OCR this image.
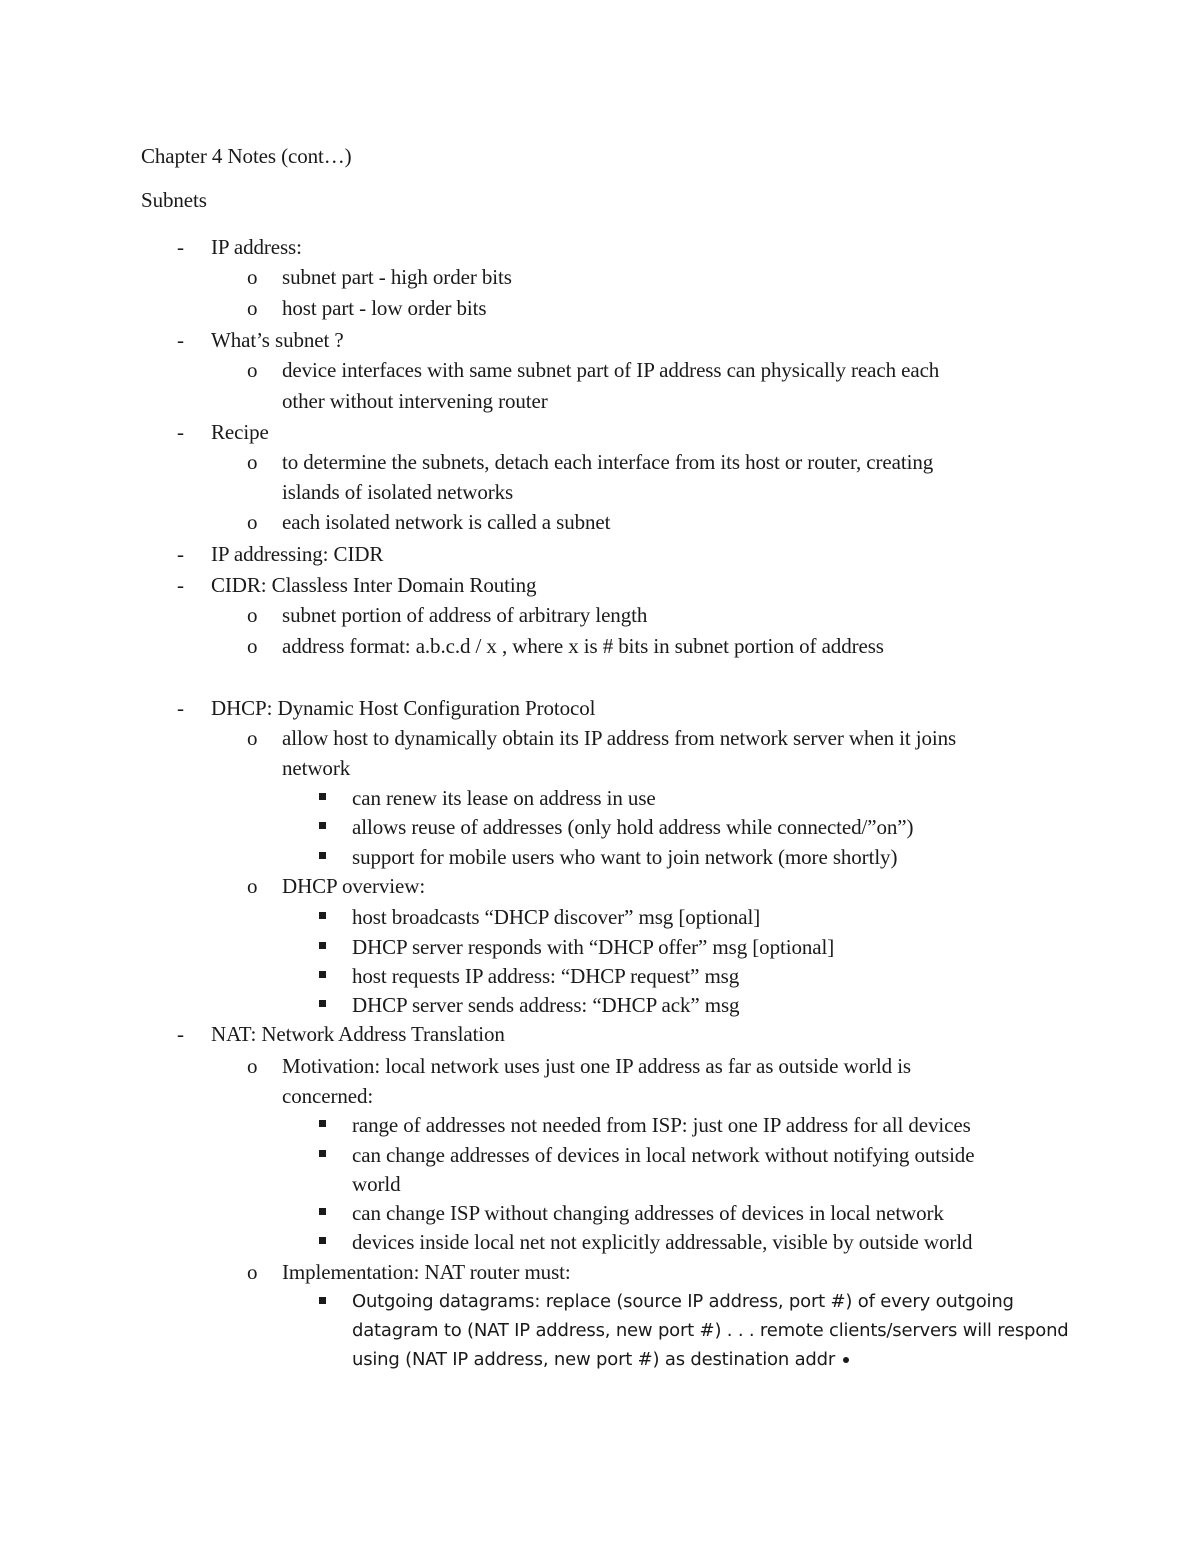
Chapter 4 Notes (cont…)
Subnets
- IP address:
o subnet part - high order bits
o host part - low order bits
- What’s subnet ?
o device interfaces with same subnet part of IP address can physically reach each
other without intervening router
- Recipe
o to determine the subnets, detach each interface from its host or router, creating
islands of isolated networks
o each isolated network is called a subnet
- IP addressing: CIDR
- CIDR: Classless Inter Domain Routing
o subnet portion of address of arbitrary length
o address format: a.b.c.d / x , where x is # bits in subnet portion of address
- DHCP: Dynamic Host Configuration Protocol
o allow host to dynamically obtain its IP address from network server when it joins
network
can renew its lease on address in use
allows reuse of addresses (only hold address while connected/”on”)
support for mobile users who want to join network (more shortly)
o DHCP overview:
host broadcasts “DHCP discover” msg [optional]
DHCP server responds with “DHCP offer” msg [optional]
host requests IP address: “DHCP request” msg
DHCP server sends address: “DHCP ack” msg
- NAT: Network Address Translation
o Motivation: local network uses just one IP address as far as outside world is
concerned:
range of addresses not needed from ISP: just one IP address for all devices
can change addresses of devices in local network without notifying outside
world
can change ISP without changing addresses of devices in local network
devices inside local net not explicitly addressable, visible by outside world
o Implementation: NAT router must:
Outgoing datagrams: replace (source IP address, port #) of every outgoing
datagram to (NAT IP address, new port #) . . . remote clients/servers will respond
using (NAT IP address, new port #) as destination addr
